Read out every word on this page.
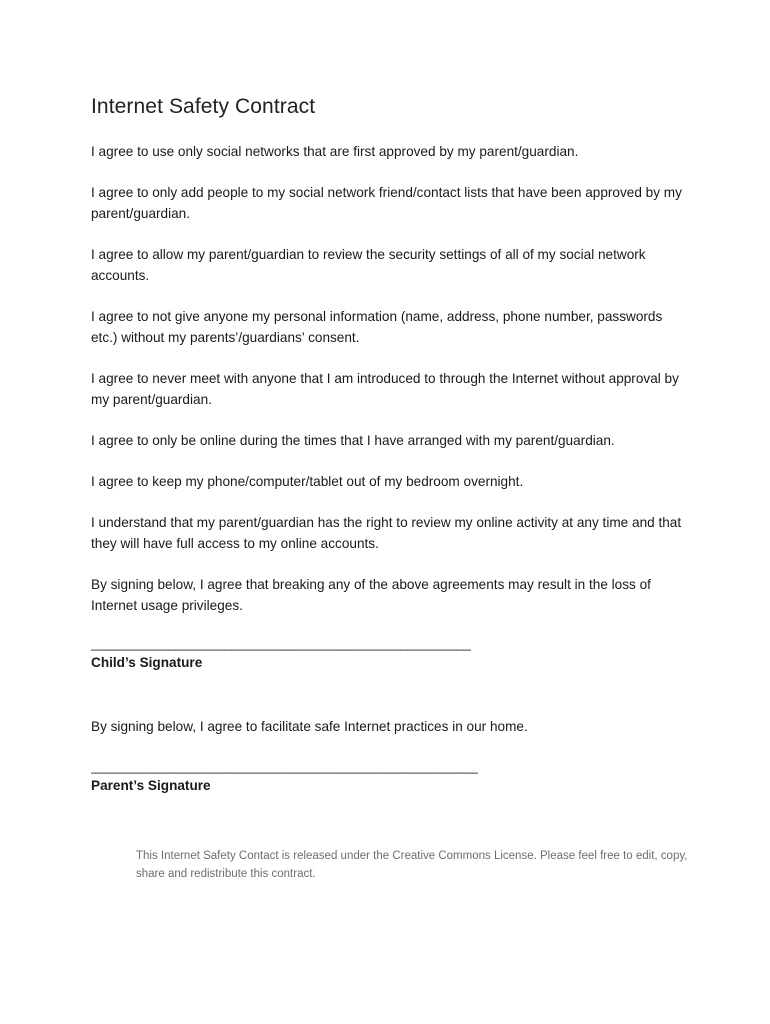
Internet Safety Contract

I agree to use only social networks that are first approved by my parent/guardian.

I agree to only add people to my social network friend/contact lists that have been approved by my parent/guardian.

I agree to allow my parent/guardian to review the security settings of all of my social network accounts.

I agree to not give anyone my personal information (name, address, phone number, passwords etc.) without my parents’/guardians’ consent.

I agree to never meet with anyone that I am introduced to through the Internet without approval by my parent/guardian.

I agree to only be online during the times that I have arranged with my parent/guardian.

I agree to keep my phone/computer/tablet out of my bedroom overnight.

I understand that my parent/guardian has the right to review my online activity at any time and that they will have full access to my online accounts.

By signing below, I agree that breaking any of the above agreements may result in the loss of Internet usage privileges.

______________________________________________________
Child’s Signature

By signing below, I agree to facilitate safe Internet practices in our home.

_______________________________________________________
Parent’s Signature

This Internet Safety Contact is released under the Creative Commons License. Please feel free to edit, copy, share and redistribute this contract.
